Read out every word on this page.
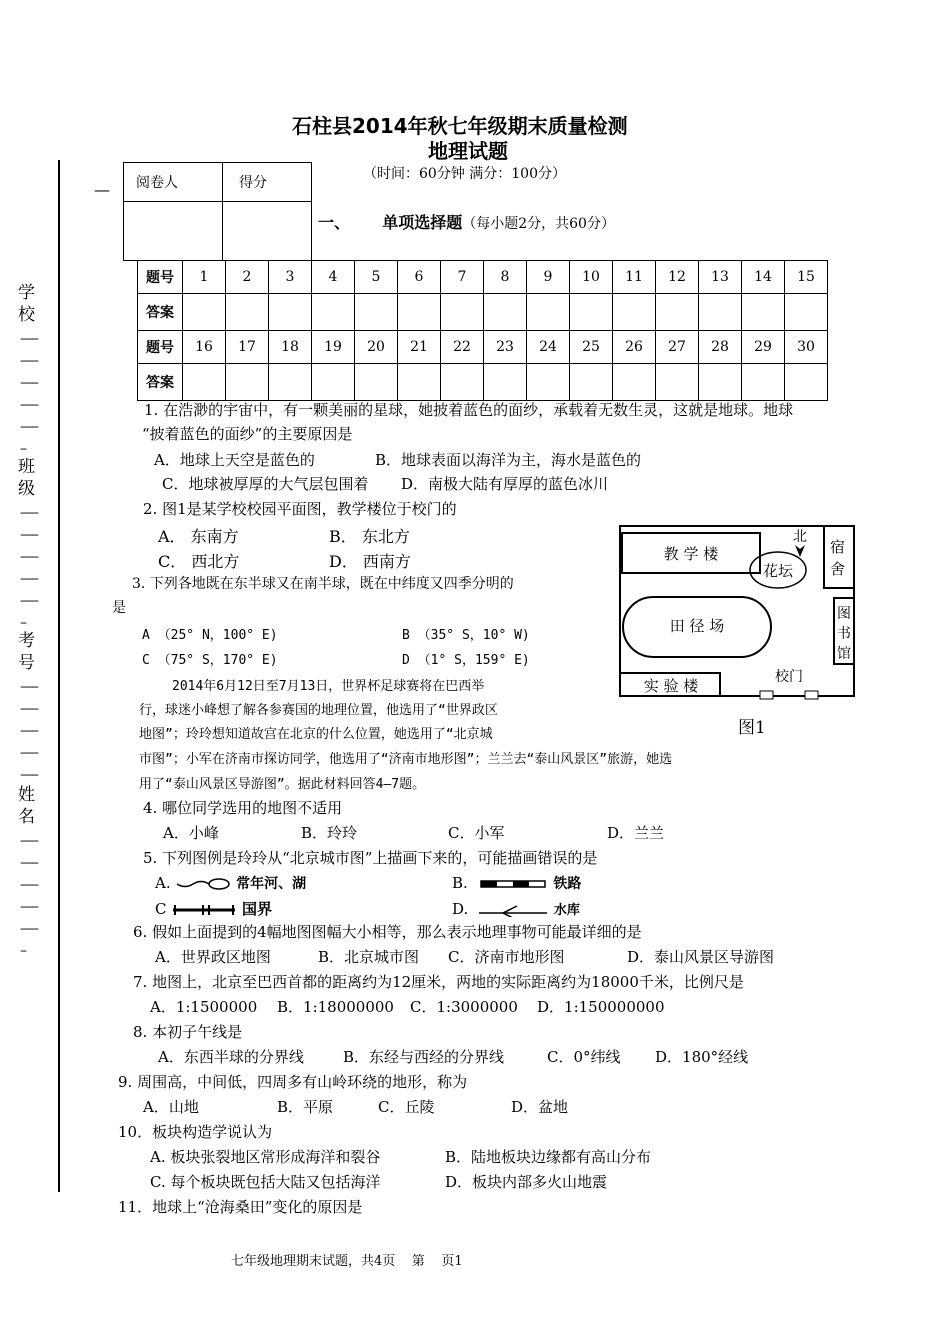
石柱县2014年秋七年级期末质量检测
地理试题
（时间：60分钟 满分：100分）
— 阅卷人	得分

一、 单项选择题（每小题2分，共60分）
题号	1	2	3	4	5	6	7	8	9	10	11	12	13	14	15
答案															
题号	16	17	18	19	20	21	22	23	24	25	26	27	28	29	30
答案															
学校
—–
—–
—–
—–
—–
–
班级
—–
—–
—–
—–
—–
–
考号
—–
—–
—–
—–
—–
姓名
—–
—–
—–
—–
—–
–
1. 在浩渺的宇宙中，有一颗美丽的星球，她披着蓝色的面纱，承载着无数生灵，这就是地球。地球
“披着蓝色的面纱”的主要原因是
A．地球上天空是蓝色的	B．地球表面以海洋为主，海水是蓝色的
C．地球被厚厚的大气层包围着 D．南极大陆有厚厚的蓝色冰川
2. 图1是某学校校园平面图，教学楼位于校门的
A． 东南方	B． 东北方
C． 西北方	D． 西南方
3. 下列各地既在东半球又在南半球，既在中纬度又四季分明的
是
A （25° N，100° E)	B （35° S，10° W)
C （75° S，170° E)	D （1° S，159° E)
2014年6月12日至7月13日，世界杯足球赛将在巴西举
行，球迷小峰想了解各参赛国的地理位置，他选用了“世界政区
地图”；玲玲想知道故宫在北京的什么位置，她选用了“北京城
市图”；小军在济南市探访同学，他选用了“济南市地形图”；兰兰去“泰山风景区”旅游，她选
用了“泰山风景区导游图”。据此材料回答4—7题。
教 学 楼
花坛
北
宿舍
田 径 场
图书馆
实 验 楼	校门
图1
4. 哪位同学选用的地图不适用
A．小峰	B．玲玲	C．小军	D．兰兰
5. 下列图例是玲玲从“北京城市图”上描画下来的，可能描画错误的是
A.	常年河、湖	B.	铁路
C	国界	D.	水库
6. 假如上面提到的4幅地图图幅大小相等，那么表示地理事物可能最详细的是
A．世界政区地图	B．北京城市图 C．济南市地形图	D．泰山风景区导游图
7. 地图上，北京至巴西首都的距离约为12厘米，两地的实际距离约为18000千米，比例尺是
A．1:1500000 B．1:18000000 C．1:3000000 D．1:150000000
8. 本初子午线是
A．东西半球的分界线	B．东经与西经的分界线	C．0°纬线 D．180°经线
9. 周围高，中间低，四周多有山岭环绕的地形，称为
A．山地	B．平原	C．丘陵	D．盆地
10．板块构造学说认为
A. 板块张裂地区常形成海洋和裂谷	B．陆地板块边缘都有高山分布
C. 每个板块既包括大陆又包括海洋	D．板块内部多火山地震
11．地球上“沧海桑田”变化的原因是
七年级地理期末试题，共4页    第    页1
